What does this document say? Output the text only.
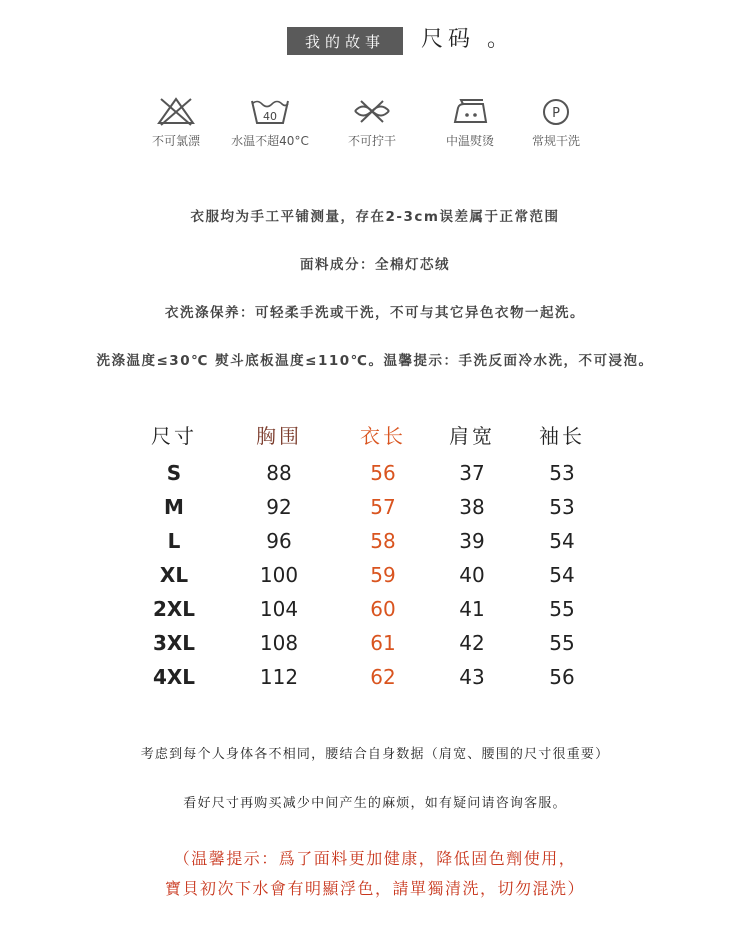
我的故事	尺码 。
不可氯漂
40
水温不超40°C	不可拧干	中温熨烫
P
常规干洗
衣服均为手工平铺测量，存在2-3cm误差属于正常范围
面料成分：全棉灯芯绒
衣洗涤保养：可轻柔手洗或干洗，不可与其它异色衣物一起洗。
洗涤温度≤30℃ 熨斗底板温度≤110℃。温馨提示：手洗反面冷水洗，不可浸泡。
尺寸	胸围	衣长	肩宽	袖长
S	88	56	37	53
M	92	57	38	53
L	96	58	39	54
XL	100	59	40	54
2XL	104	60	41	55
3XL	108	61	42	55
4XL	112	62	43	56
考虑到每个人身体各不相同，腰结合自身数据（肩宽、腰围的尺寸很重要）
看好尺寸再购买减少中间产生的麻烦，如有疑问请咨询客服。
（温馨提示：爲了面料更加健康，降低固色劑使用，
寶貝初次下水會有明顯浮色，請單獨清洗，切勿混洗）
